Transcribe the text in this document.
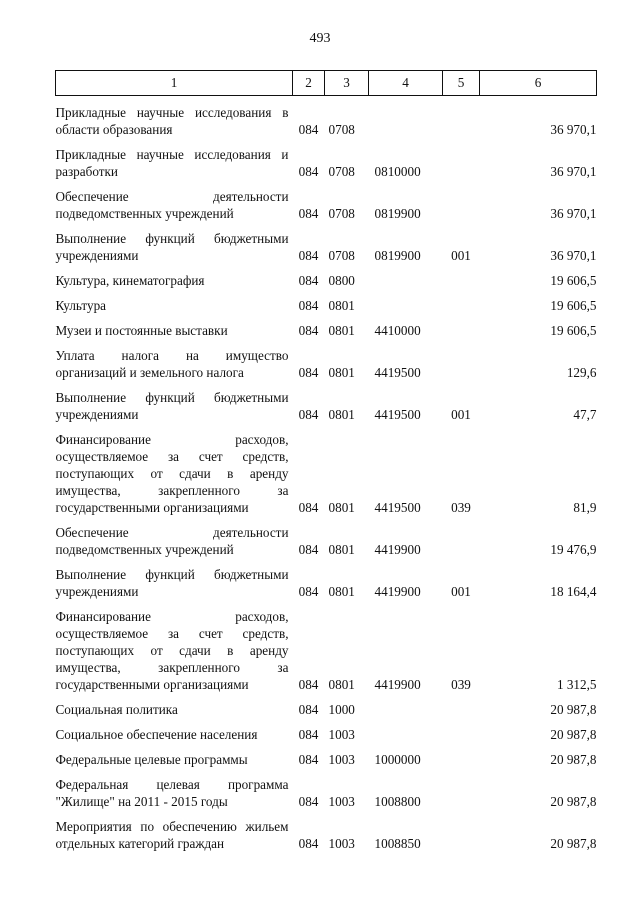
493
1	2	3	4	5	6

Прикладные научные исследования в области образования	084	0708			36 970,1

Прикладные научные исследования и разработки	084	0708	0810000		36 970,1

Обеспечение деятельности подведомственных учреждений	084	0708	0819900		36 970,1

Выполнение функций бюджетными учреждениями	084	0708	0819900	001	36 970,1

Культура, кинематография	084	0800			19 606,5

Культура	084	0801			19 606,5

Музеи и постоянные выставки	084	0801	4410000		19 606,5

Уплата налога на имущество организаций и земельного налога	084	0801	4419500		129,6

Выполнение функций бюджетными учреждениями	084	0801	4419500	001	47,7

Финансирование расходов, осуществляемое за счет средств, поступающих от сдачи в аренду имущества, закрепленного за государственными организациями	084	0801	4419500	039	81,9

Обеспечение деятельности подведомственных учреждений	084	0801	4419900		19 476,9

Выполнение функций бюджетными учреждениями	084	0801	4419900	001	18 164,4

Финансирование расходов, осуществляемое за счет средств, поступающих от сдачи в аренду имущества, закрепленного за государственными организациями	084	0801	4419900	039	1 312,5

Социальная политика	084	1000			20 987,8

Социальное обеспечение населения	084	1003			20 987,8

Федеральные целевые программы	084	1003	1000000		20 987,8

Федеральная целевая программа "Жилище" на 2011 - 2015 годы	084	1003	1008800		20 987,8

Мероприятия по обеспечению жильем отдельных категорий граждан	084	1003	1008850		20 987,8
